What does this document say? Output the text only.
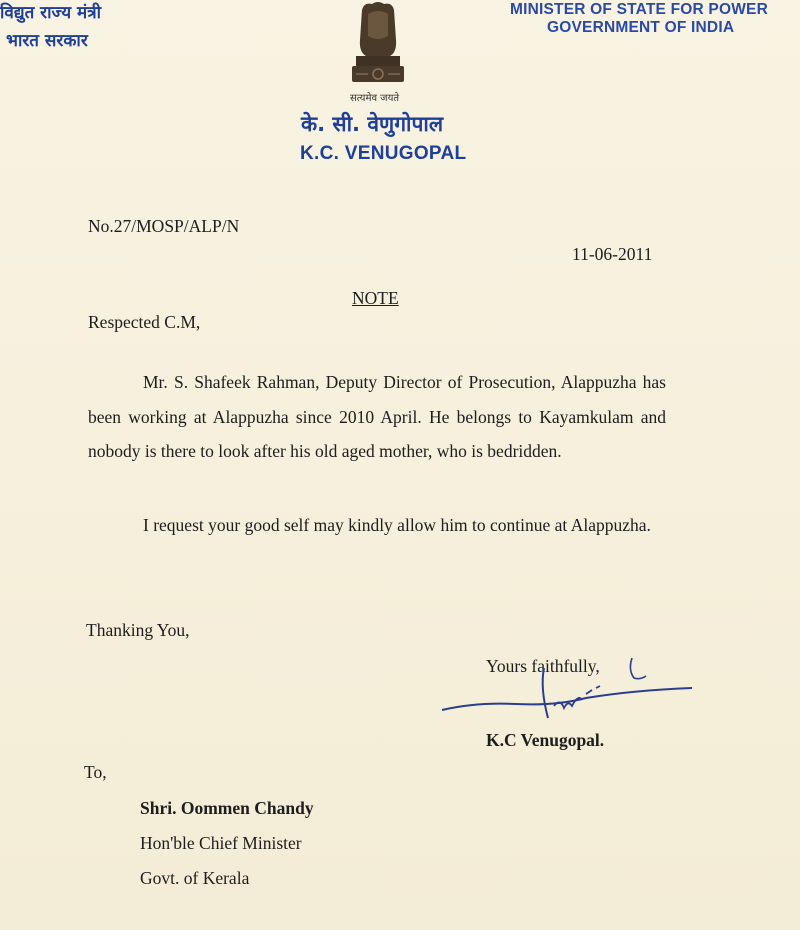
विद्युत राज्य मंत्री
भारत सरकार
MINISTER OF STATE FOR POWER
GOVERNMENT OF INDIA
सत्यमेव जयते
के. सी. वेणुगोपाल
K.C. VENUGOPAL
No.27/MOSP/ALP/N
11-06-2011
NOTE
Respected C.M,
Mr. S. Shafeek Rahman, Deputy Director of Prosecution, Alappuzha has been working at Alappuzha since 2010 April. He belongs to Kayamkulam and nobody is there to look after his old aged mother, who is bedridden.
I request your good self may kindly allow him to continue at Alappuzha.
Thanking You,
Yours faithfully,
K.C Venugopal.
To,
Shri. Oommen Chandy
Hon'ble Chief Minister
Govt. of Kerala
